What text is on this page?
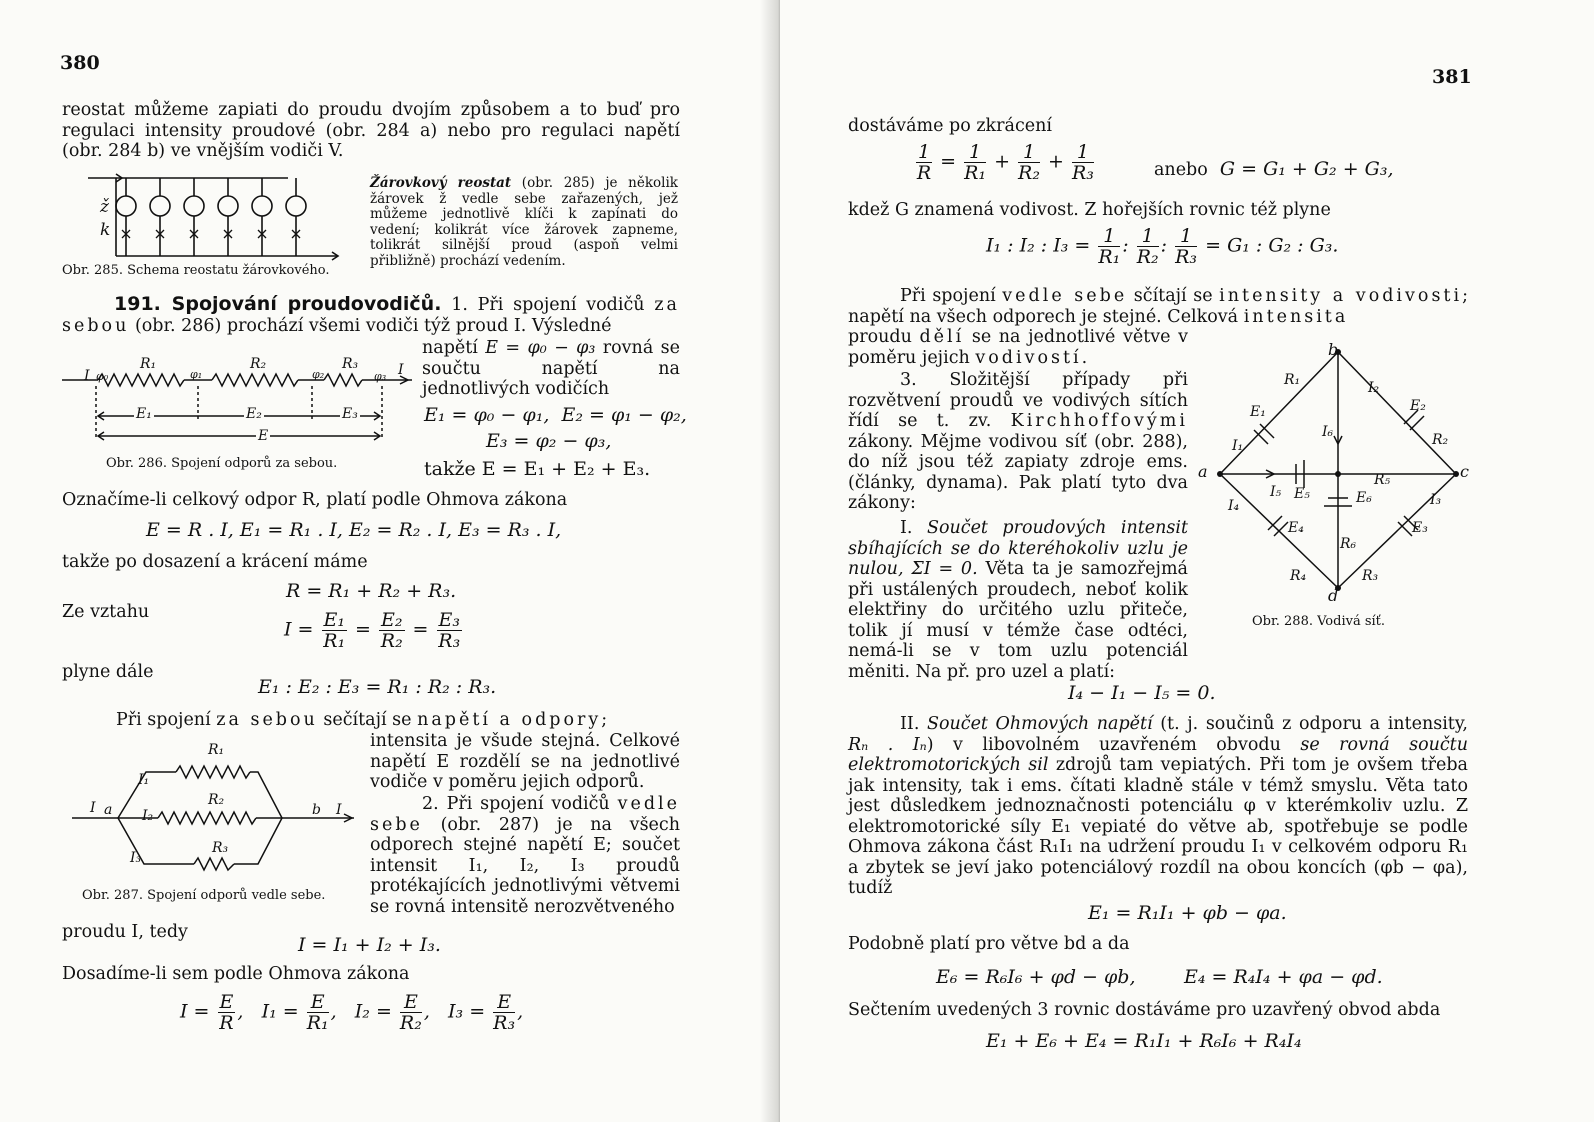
380

reostat můžeme zapiati do proudu dvojím způsobem a to buď pro regulaci intensity proudové (obr. 284 a) nebo pro regulaci napětí (obr. 284 b) ve vnějším vodiči V.

ž
k
Žárovkový reostat (obr. 285) je několik žárovek ž vedle sebe zařazených, jež můžeme jednotlivě klíči k zapínati do vedení; kolikrát více žárovek zapneme, tolikrát silnější proud (aspoň velmi přibližně) prochází vedením.
Obr. 285. Schema reostatu žárovkového.
191. Spojování proudovodičů. 1. Při spojení vodičů za sebou (obr. 286) prochází všemi vodiči týž proud I. Výsledné
napětí E = φ₀ − φ₃ rovná se součtu napětí na jednotlivých vodičích
R₁	R₂	R₃
I	I
φ₁	φ₂
φ₀	φ₃
E₁	E₂	E₃
E
Obr. 286. Spojení odporů za sebou.
E₁ = φ₀ − φ₁, E₂ = φ₁ − φ₂,
E₃ = φ₂ − φ₃,
takže E = E₁ + E₂ + E₃.
Označíme-li celkový odpor R, platí podle Ohmova zákona
E = R . I, E₁ = R₁ . I, E₂ = R₂ . I, E₃ = R₃ . I,
takže po dosazení a krácení máme
R = R₁ + R₂ + R₃.
Ze vztahu
$I = \frac{\text{E₁}}{\text{R₁}} = \frac{\text{E₂}}{\text{R₂}} = \frac{\text{E₃}}{\text{R₃}}$
plyne dále
E₁ : E₂ : E₃ = R₁ : R₂ : R₃.
Při spojení za sebou sečítají se napětí a odpory;
intensita je všude stejná. Celkové napětí E rozdělí se na jednotlivé vodiče v poměru jejich odporů.
2. Při spojení vodičů vedle sebe (obr. 287) je na všech odporech stejné napětí E; součet intensit I₁, I₂, I₃ proudů protékajících jednotlivými větvemi se rovná intensitě nerozvětveného
R₁
R₂
R₃
I a	b I
I₁
I₂
I₃
Obr. 287. Spojení odporů vedle sebe.
proudu I, tedy
I = I₁ + I₂ + I₃.
Dosadíme-li sem podle Ohmova zákona
$I = \frac{E}{R}$ ,   $I_1 = \frac{E}{\text{R₁}}$ ,   $I_2 = \frac{E}{\text{R₂}}$ ,   $I_3 = \frac{E}{\text{R₃}}$ ,
381
dostáváme po zkrácení
$\frac{1}{R} = \frac{1}{\text{R₁}} + \frac{1}{\text{R₂}} + \frac{1}{\text{R₃}}$	anebo G = G₁ + G₂ + G₃,
kdež G znamená vodivost. Z hořejších rovnic též plyne
I₁ : I₂ : $I_3 = \frac{1}{\text{R₁}}$ : $\frac{1}{\text{R₂}}$ : $\frac{1}{\text{R₃}} = G_1$ : G₂ : G₃.
Při spojení vedle sebe sčítají se intensity a vodivosti; napětí na všech odporech je stejné. Celková intensita
proudu dělí se na jednotlivé větve v poměru jejich vodivostí.
3. Složitější případy při rozvětvení proudů ve vodivých sítích řídí se t. zv. Kirchhoffovými zákony. Mějme vodivou síť (obr. 288), do níž jsou též zapiaty zdroje ems. (články, dynama). Pak platí tyto dva zákony:
I. Součet proudových intensit sbíhajících se do kteréhokoliv uzlu je nulou, ΣI = 0. Věta ta je samozřejmá při ustálených proudech, neboť kolik elektřiny do určitého uzlu přiteče, tolik jí musí v témže čase odtéci, nemá-li se v tom uzlu potenciál měniti. Na př. pro uzel a platí:
I₄ − I₁ − I₅ = 0.
b
a	c
d
R₁
R₂
R₃
R₄
R₅
R₆
E₁	E₂
E₃
E₄
E₅	E₆
I₁
I₂
I₃
I₄
I₅
I₆
Obr. 288. Vodivá síť.
II. Součet Ohmových napětí (t. j. součinů z odporu a intensity, Rₙ . Iₙ) v libovolném uzavřeném obvodu se rovná součtu elektromotorických sil zdrojů tam vepiatých. Při tom je ovšem třeba jak intensity, tak i ems. čítati kladně stále v témž smyslu. Věta tato jest důsledkem jednoznačnosti potenciálu φ v kterémkoliv uzlu. Z elektromotorické síly E₁ vepiaté do větve ab, spotřebuje se podle Ohmova zákona část R₁I₁ na udržení proudu I₁ v celkovém odporu R₁ a zbytek se jeví jako potenciálový rozdíl na obou koncích (φb − φa), tudíž
E₁ = R₁I₁ + φb − φa.
Podobně platí pro větve bd a da
E₆ = R₆I₆ + φd − φb,	E₄ = R₄I₄ + φa − φd.
Sečtením uvedených 3 rovnic dostáváme pro uzavřený obvod abda
E₁ + E₆ + E₄ = R₁I₁ + R₆I₆ + R₄I₄
